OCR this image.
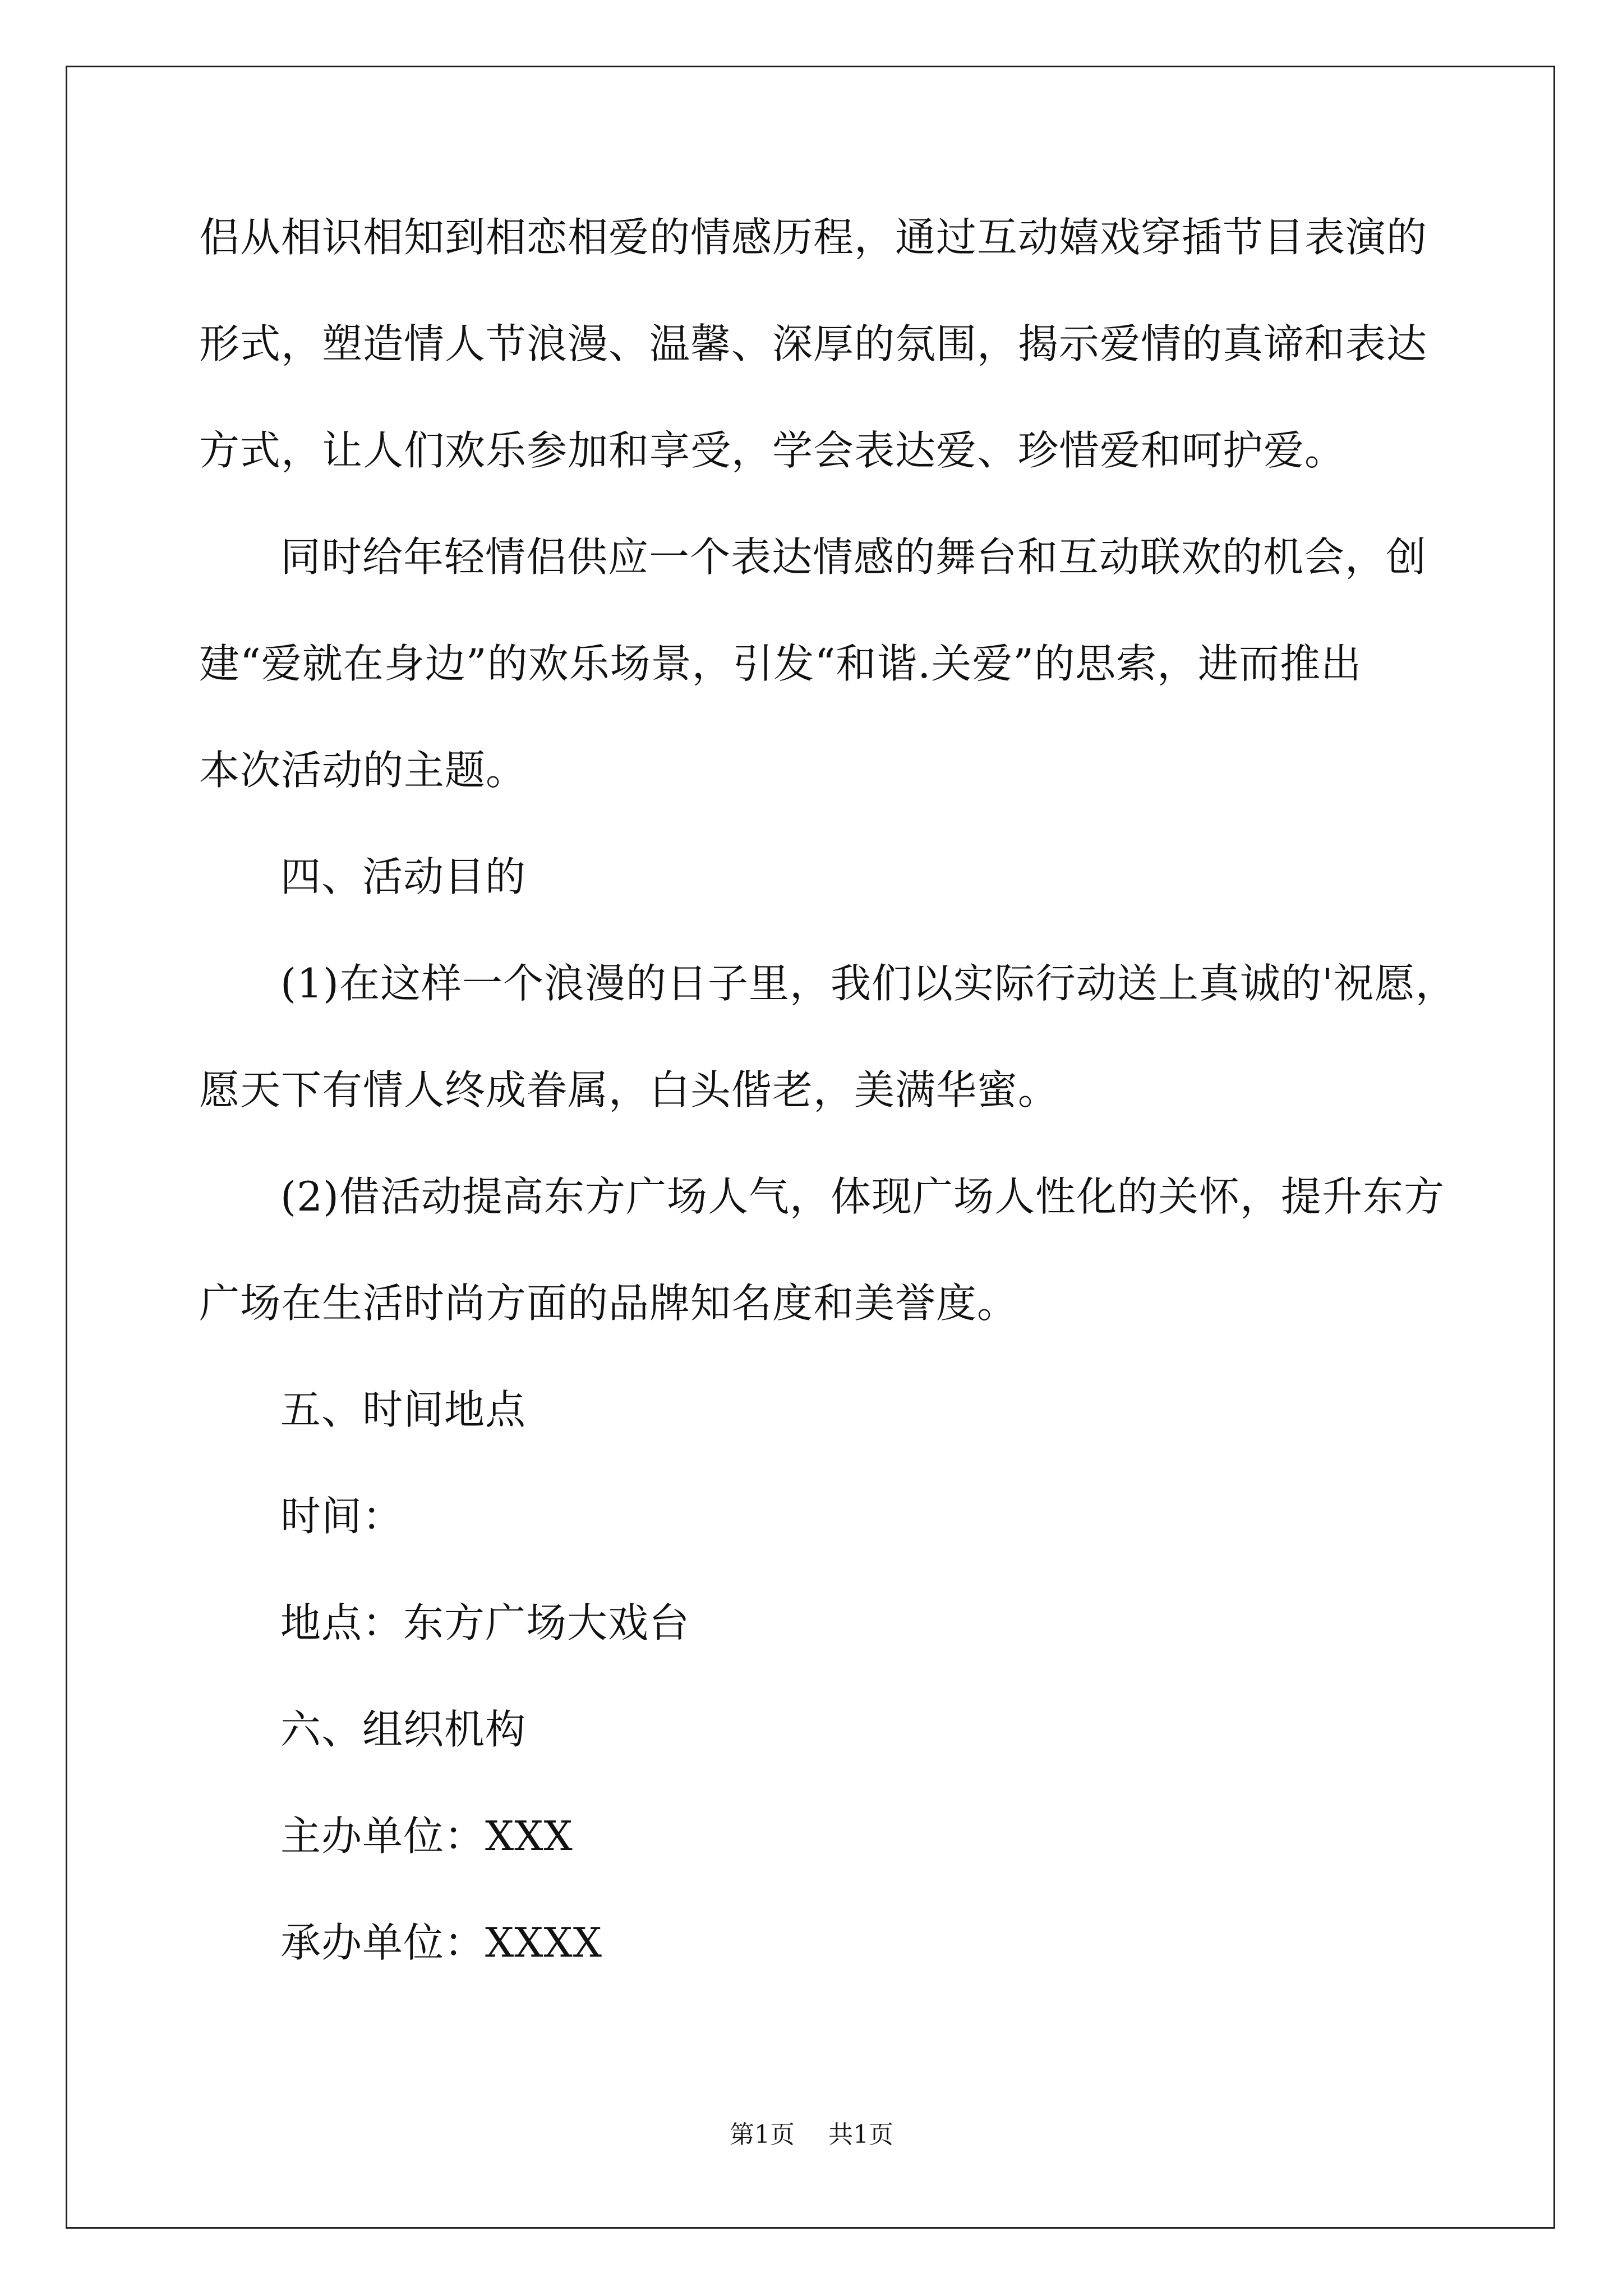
侣从相识相知到相恋相爱的情感历程，通过互动嬉戏穿插节目表演的
形式，塑造情人节浪漫、温馨、深厚的氛围，揭示爱情的真谛和表达
方式，让人们欢乐参加和享受，学会表达爱、珍惜爱和呵护爱。
同时给年轻情侣供应一个表达情感的舞台和互动联欢的机会，创
建“爱就在身边”的欢乐场景，引发“和谐.关爱”的思索，进而推出
本次活动的主题。
四、活动目的
(1)在这样一个浪漫的日子里，我们以实际行动送上真诚的'祝愿，
愿天下有情人终成眷属，白头偕老，美满华蜜。
(2)借活动提高东方广场人气，体现广场人性化的关怀，提升东方
广场在生活时尚方面的品牌知名度和美誉度。
五、时间地点
时间：
地点：东方广场大戏台
六、组织机构
主办单位：XXX
承办单位：XXXX
第1页 共1页
